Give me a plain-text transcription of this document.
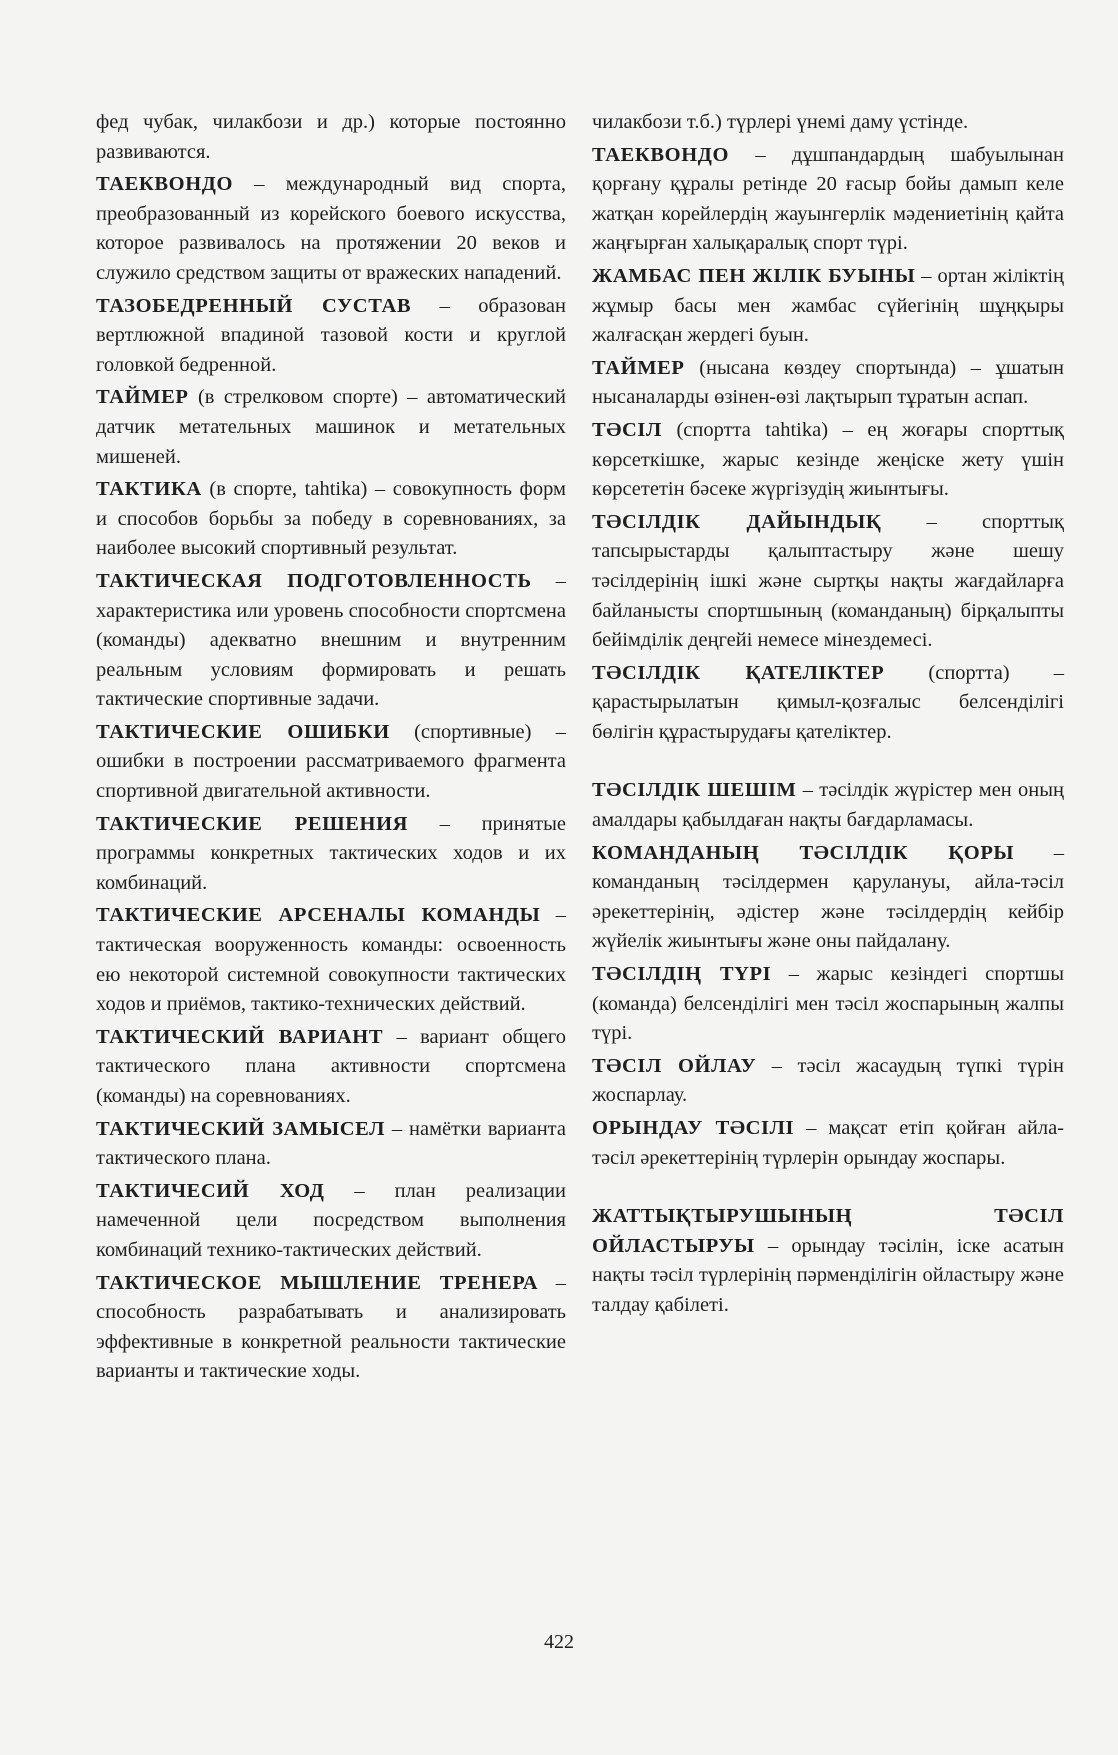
фед чубак, чилакбози и др.) которые постоянно развиваются.

ТАЕКВОНДО – международный вид спорта, преобразованный из корейского боевого искусства, которое развивалось на протяжении 20 веков и служило средством защиты от вражеских нападений.

ТАЗОБЕДРЕННЫЙ СУСТАВ – образован вертлюжной впадиной тазовой кости и круглой головкой бедренной.

ТАЙМЕР (в стрелковом спорте) – автоматический датчик метательных машинок и метательных мишеней.

ТАКТИКА (в спорте, tahtika) – совокупность форм и способов борьбы за победу в соревнованиях, за наиболее высокий спортивный результат.

ТАКТИЧЕСКАЯ ПОДГОТОВЛЕННОСТЬ – характеристика или уровень способности спортсмена (команды) адекватно внешним и внутренним реальным условиям формировать и решать тактические спортивные задачи.

ТАКТИЧЕСКИЕ ОШИБКИ (спортивные) – ошибки в построении рассматриваемого фрагмента спортивной двигательной активности.

ТАКТИЧЕСКИЕ РЕШЕНИЯ – принятые программы конкретных тактических ходов и их комбинаций.

ТАКТИЧЕСКИЕ АРСЕНАЛЫ КОМАНДЫ – тактическая вооруженность команды: освоенность ею некоторой системной совокупности тактических ходов и приёмов, тактико-технических действий.

ТАКТИЧЕСКИЙ ВАРИАНТ – вариант общего тактического плана активности спортсмена (команды) на соревнованиях.

ТАКТИЧЕСКИЙ ЗАМЫСЕЛ – намётки варианта тактического плана.

ТАКТИЧЕСИЙ ХОД – план реализации намеченной цели посредством выполнения комбинаций технико-тактических действий.

ТАКТИЧЕСКОЕ МЫШЛЕНИЕ ТРЕНЕРА – способность разрабатывать и анализировать эффективные в конкретной реальности тактические варианты и тактические ходы.

чилакбози т.б.) түрлері үнемі даму үстінде.

ТАЕКВОНДО – дұшпандардың шабуылынан қорғану құралы ретінде 20 ғасыр бойы дамып келе жатқан корейлердің жауынгерлік мәдениетінің қайта жаңғырған халықаралық спорт түрі.

ЖАМБАС ПЕН ЖІЛІК БУЫНЫ – ортан жіліктің жұмыр басы мен жамбас сүйегінің шұңқыры жалғасқан жердегі буын.

ТАЙМЕР (нысана көздеу спортында) – ұшатын нысаналарды өзінен-өзі лақтырып тұратын аспап.

ТӘСІЛ (спортта tahtika) – ең жоғары спорттық көрсеткішке, жарыс кезінде жеңіске жету үшін көрсететін бәсеке жүргізудің жиынтығы.

ТӘСІЛДІК ДАЙЫНДЫҚ – спорттық тапсырыстарды қалыптастыру және шешу тәсілдерінің ішкі және сыртқы нақты жағдайларға байланысты спортшының (команданың) бірқалыпты бейімділік деңгейі немесе мінездемесі.

ТӘСІЛДІК ҚАТЕЛІКТЕР (спортта) – қарастырылатын қимыл-қозғалыс белсенділігі бөлігін құрастырудағы қателіктер.

ТӘСІЛДІК ШЕШІМ – тәсілдік жүрістер мен оның амалдары қабылдаған нақты бағдарламасы.

КОМАНДАНЫҢ ТӘСІЛДІК ҚОРЫ – команданың тәсілдермен қарулануы, айла-тәсіл әрекеттерінің, әдістер және тәсілдердің кейбір жүйелік жиынтығы және оны пайдалану.

ТӘСІЛДІҢ ТҮРІ – жарыс кезіндегі спортшы (команда) белсенділігі мен тәсіл жоспарының жалпы түрі.

ТӘСІЛ ОЙЛАУ – тәсіл жасаудың түпкі түрін жоспарлау.

ОРЫНДАУ ТӘСІЛІ – мақсат етіп қойған айла-тәсіл әрекеттерінің түрлерін орындау жоспары.

ЖАТТЫҚТЫРУШЫНЫҢ ТӘСІЛ ОЙЛАСТЫРУЫ – орындау тәсілін, іске асатын нақты тәсіл түрлерінің пәрменділігін ойластыру және талдау қабілеті.

422
